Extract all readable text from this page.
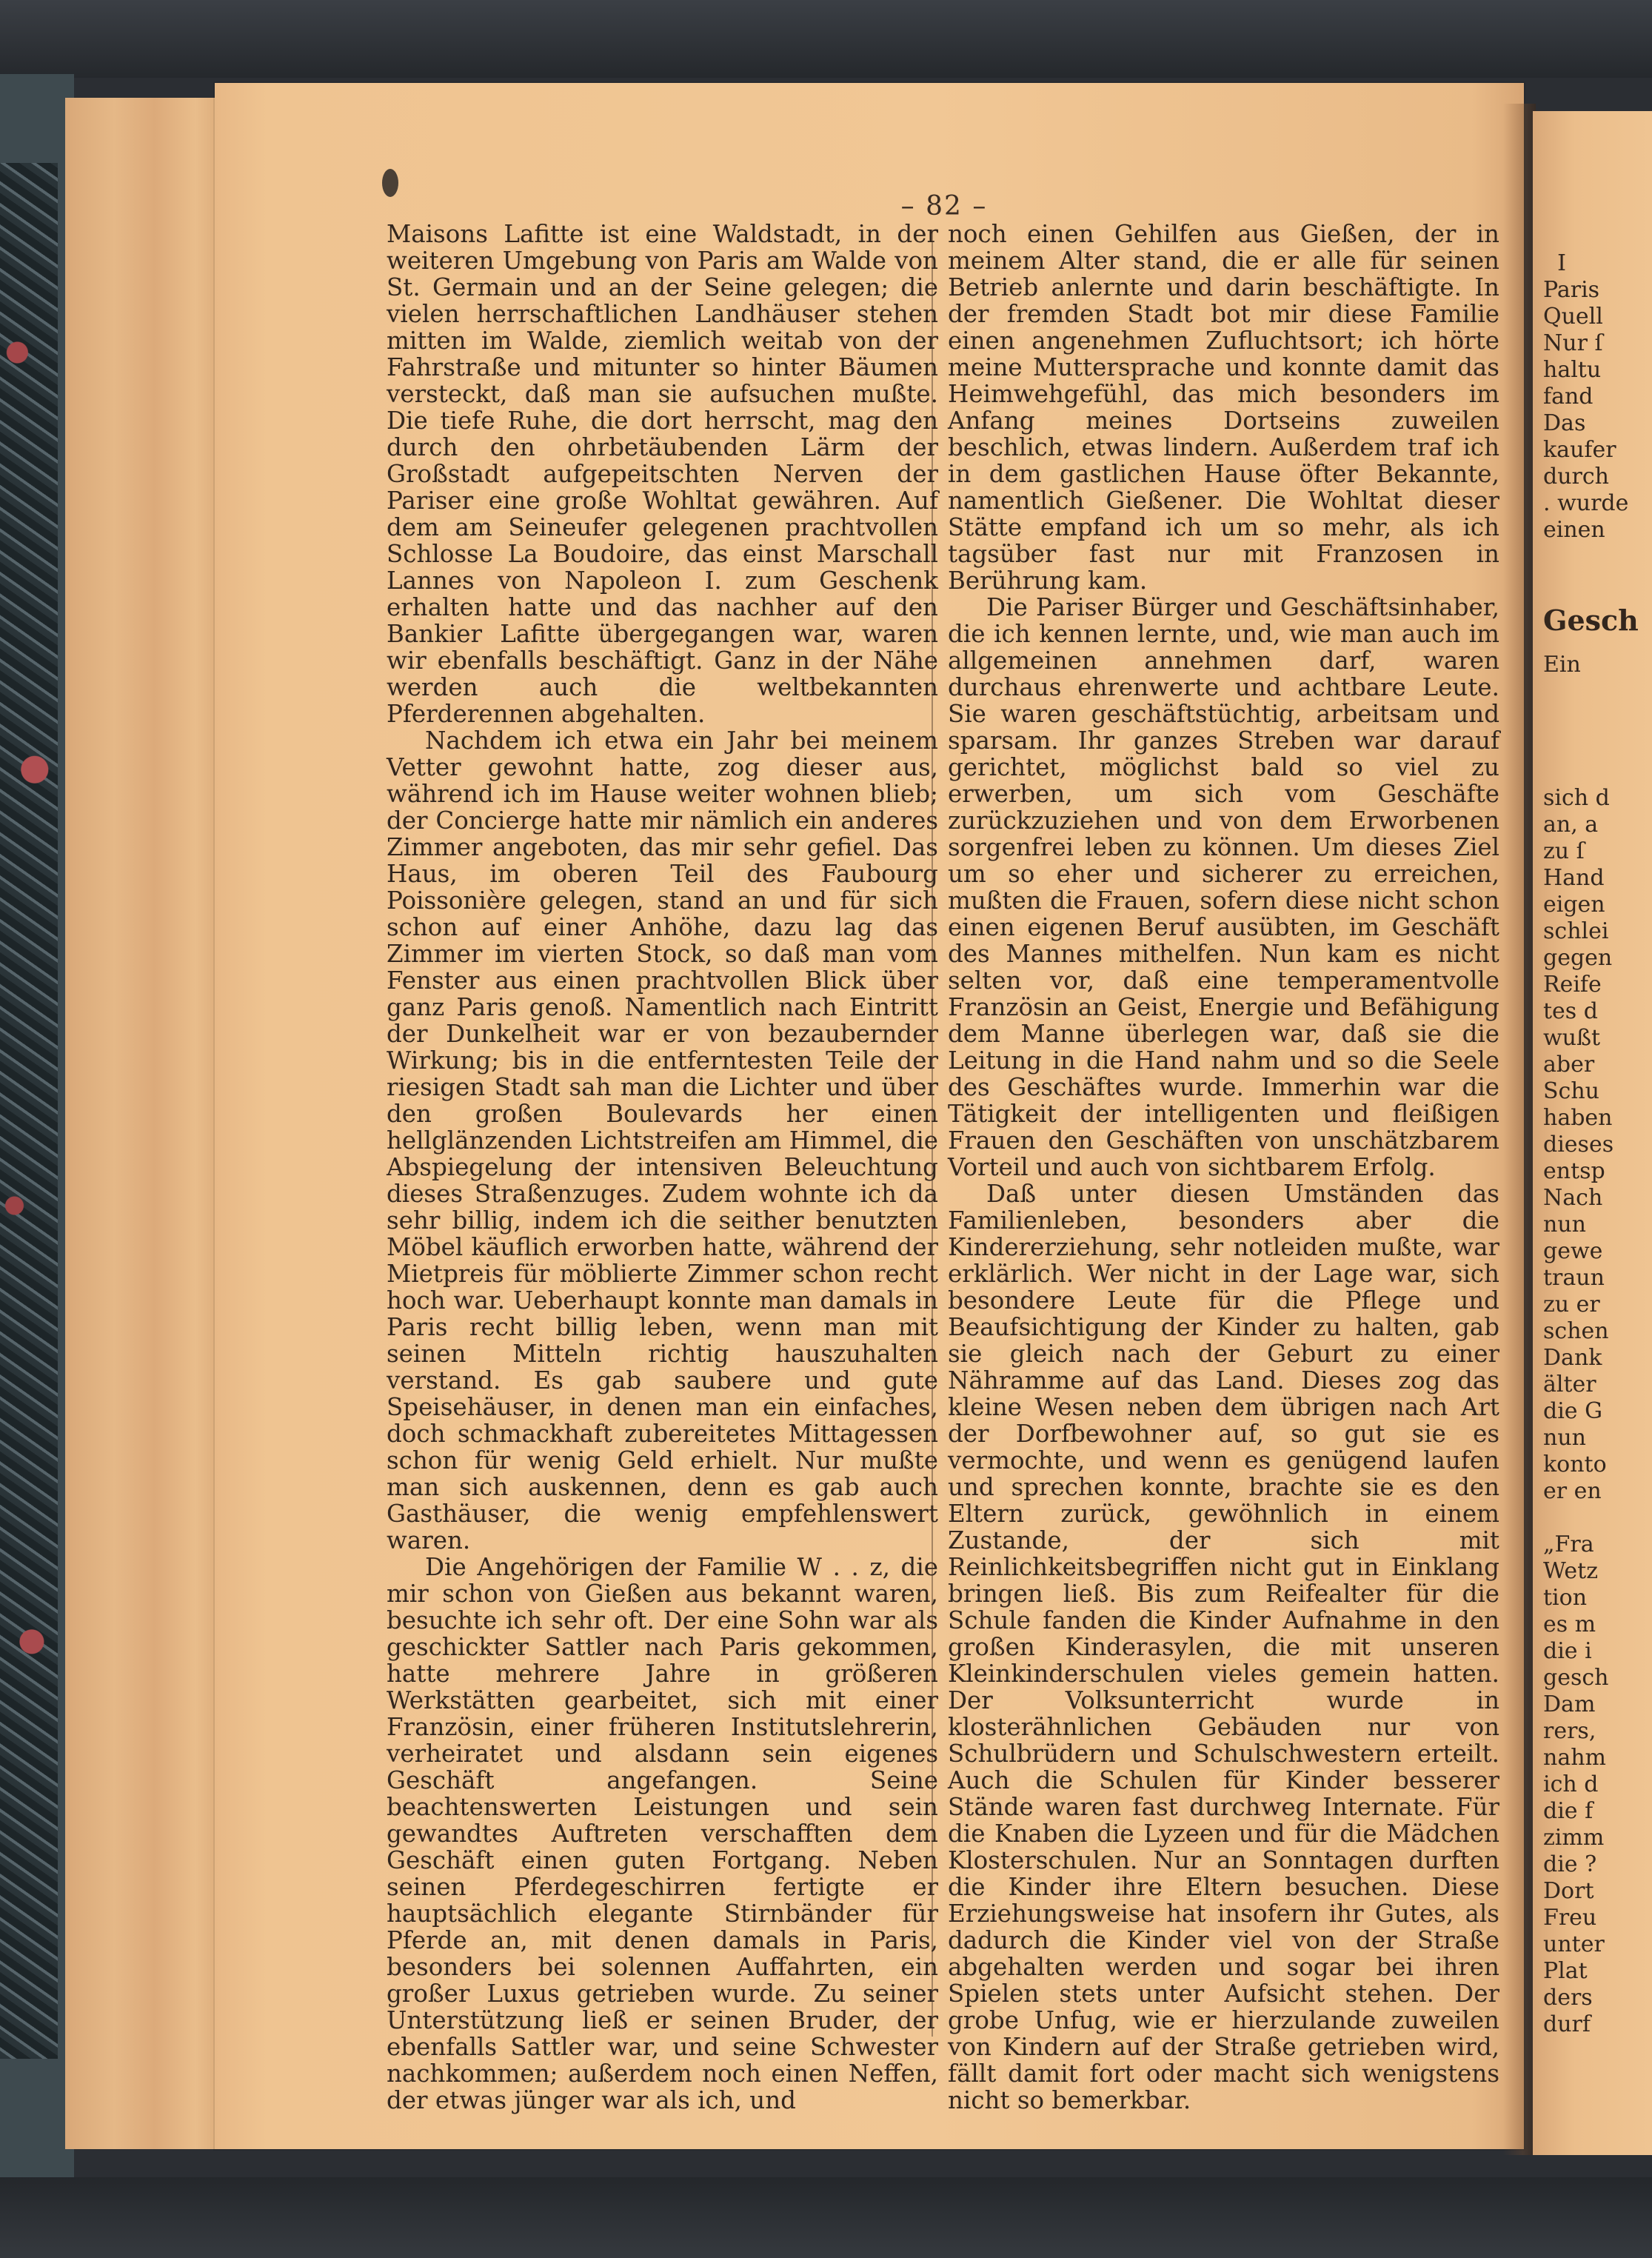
– 82 –

Maisons Lafitte ist eine Waldstadt, in der weiteren Umgebung von Paris am Walde von St. Germain und an der Seine gelegen; die vielen herrschaftlichen Landhäuser stehen mitten im Walde, ziemlich weitab von der Fahrstraße und mitunter so hinter Bäumen versteckt, daß man sie aufsuchen mußte. Die tiefe Ruhe, die dort herrscht, mag den durch den ohrbetäubenden Lärm der Großstadt aufgepeitschten Nerven der Pariser eine große Wohltat gewähren. Auf dem am Seineufer gelegenen prachtvollen Schlosse La Boudoire, das einst Marschall Lannes von Napoleon I. zum Geschenk erhalten hatte und das nachher auf den Bankier Lafitte übergegangen war, waren wir ebenfalls beschäftigt. Ganz in der Nähe werden auch die weltbekannten Pferderennen abgehalten.

Nachdem ich etwa ein Jahr bei meinem Vetter gewohnt hatte, zog dieser aus, während ich im Hause weiter wohnen blieb; der Concierge hatte mir nämlich ein anderes Zimmer angeboten, das mir sehr gefiel. Das Haus, im oberen Teil des Faubourg Poissonière gelegen, stand an und für sich schon auf einer Anhöhe, dazu lag das Zimmer im vierten Stock, so daß man vom Fenster aus einen prachtvollen Blick über ganz Paris genoß. Namentlich nach Eintritt der Dunkelheit war er von bezaubernder Wirkung; bis in die entferntesten Teile der riesigen Stadt sah man die Lichter und über den großen Boulevards her einen hellglänzenden Lichtstreifen am Himmel, die Abspiegelung der intensiven Beleuchtung dieses Straßenzuges. Zudem wohnte ich da sehr billig, indem ich die seither benutzten Möbel käuflich erworben hatte, während der Mietpreis für möblierte Zimmer schon recht hoch war. Ueberhaupt konnte man damals in Paris recht billig leben, wenn man mit seinen Mitteln richtig hauszuhalten verstand. Es gab saubere und gute Speisehäuser, in denen man ein einfaches, doch schmackhaft zubereitetes Mittagessen schon für wenig Geld erhielt. Nur mußte man sich auskennen, denn es gab auch Gasthäuser, die wenig empfehlenswert waren.

Die Angehörigen der Familie W . . z, die mir schon von Gießen aus bekannt waren, besuchte ich sehr oft. Der eine Sohn war als geschickter Sattler nach Paris gekommen, hatte mehrere Jahre in größeren Werkstätten gearbeitet, sich mit einer Französin, einer früheren Institutslehrerin, verheiratet und alsdann sein eigenes Geschäft angefangen. Seine beachtenswerten Leistungen und sein gewandtes Auftreten verschafften dem Geschäft einen guten Fortgang. Neben seinen Pferdegeschirren fertigte er hauptsächlich elegante Stirnbänder für Pferde an, mit denen damals in Paris, besonders bei solennen Auffahrten, ein großer Luxus getrieben wurde. Zu seiner Unterstützung ließ er seinen Bruder, der ebenfalls Sattler war, und seine Schwester nachkommen; außerdem noch einen Neffen, der etwas jünger war als ich, und

noch einen Gehilfen aus Gießen, der in meinem Alter stand, die er alle für seinen Betrieb anlernte und darin beschäftigte. In der fremden Stadt bot mir diese Familie einen angenehmen Zufluchtsort; ich hörte meine Muttersprache und konnte damit das Heimwehgefühl, das mich besonders im Anfang meines Dortseins zuweilen beschlich, etwas lindern. Außerdem traf ich in dem gastlichen Hause öfter Bekannte, namentlich Gießener. Die Wohltat dieser Stätte empfand ich um so mehr, als ich tagsüber fast nur mit Franzosen in Berührung kam.

Die Pariser Bürger und Geschäftsinhaber, die ich kennen lernte, und, wie man auch im allgemeinen annehmen darf, waren durchaus ehrenwerte und achtbare Leute. Sie waren geschäftstüchtig, arbeitsam und sparsam. Ihr ganzes Streben war darauf gerichtet, möglichst bald so viel zu erwerben, um sich vom Geschäfte zurückzuziehen und von dem Erworbenen sorgenfrei leben zu können. Um dieses Ziel um so eher und sicherer zu erreichen, mußten die Frauen, sofern diese nicht schon einen eigenen Beruf ausübten, im Geschäft des Mannes mithelfen. Nun kam es nicht selten vor, daß eine temperamentvolle Französin an Geist, Energie und Befähigung dem Manne überlegen war, daß sie die Leitung in die Hand nahm und so die Seele des Geschäftes wurde. Immerhin war die Tätigkeit der intelligenten und fleißigen Frauen den Geschäften von unschätzbarem Vorteil und auch von sichtbarem Erfolg.

Daß unter diesen Umständen das Familienleben, besonders aber die Kindererziehung, sehr notleiden mußte, war erklärlich. Wer nicht in der Lage war, sich besondere Leute für die Pflege und Beaufsichtigung der Kinder zu halten, gab sie gleich nach der Geburt zu einer Nähramme auf das Land. Dieses zog das kleine Wesen neben dem übrigen nach Art der Dorfbewohner auf, so gut sie es vermochte, und wenn es genügend laufen und sprechen konnte, brachte sie es den Eltern zurück, gewöhnlich in einem Zustande, der sich mit Reinlichkeitsbegriffen nicht gut in Einklang bringen ließ. Bis zum Reifealter für die Schule fanden die Kinder Aufnahme in den großen Kinderasylen, die mit unseren Kleinkinderschulen vieles gemein hatten. Der Volksunterricht wurde in klosterähnlichen Gebäuden nur von Schulbrüdern und Schulschwestern erteilt. Auch die Schulen für Kinder besserer Stände waren fast durchweg Internate. Für die Knaben die Lyzeen und für die Mädchen Klosterschulen. Nur an Sonntagen durften die Kinder ihre Eltern besuchen. Diese Erziehungsweise hat insofern ihr Gutes, als dadurch die Kinder viel von der Straße abgehalten werden und sogar bei ihren Spielen stets unter Aufsicht stehen. Der grobe Unfug, wie er hierzulande zuweilen von Kindern auf der Straße getrieben wird, fällt damit fort oder macht sich wenigstens nicht so bemerkbar.

I
Paris
Quell
Nur ſ
haltu
fand
Das
kaufer
durch
. wurde
einen
Gesch
Ein
sich d
an, a
zu ſ
Hand
eigen
schlei
gegen
Reife
tes d
wußt
aber
Schu
haben
dieses
entsp
Nach
nun
gewe
traun
zu er
schen
Dank
älter
die G
nun
konto
er en
„Fra
Wetz
tion
es m
die i
gesch
Dam
rers,
nahm
ich d
die f
zimm
die ?
Dort
Freu
unter
Plat
ders
durf
